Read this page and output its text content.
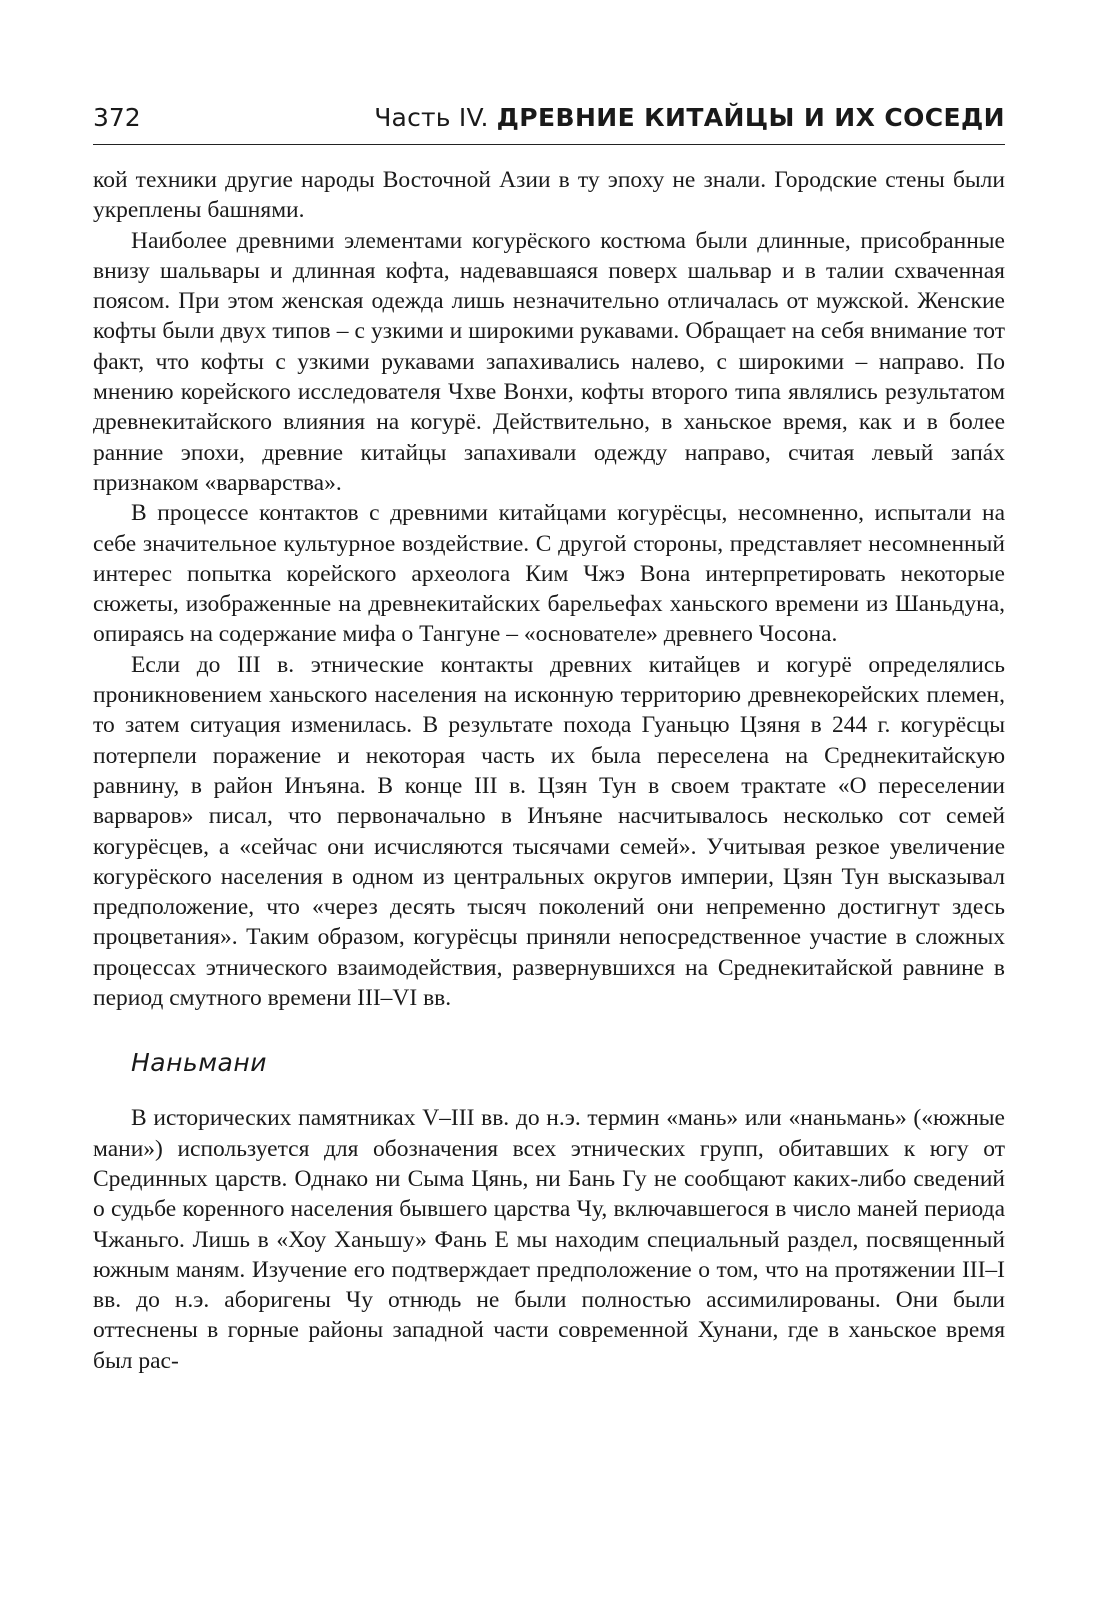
372	Часть IV. ДРЕВНИЕ КИТАЙЦЫ И ИХ СОСЕДИ

кой техники другие народы Восточной Азии в ту эпоху не знали. Городские стены были укреплены башнями.

Наиболее древними элементами когурёского костюма были длинные, присобранные внизу шальвары и длинная кофта, надевавшаяся поверх шальвар и в талии схваченная поясом. При этом женская одежда лишь незначительно отличалась от мужской. Женские кофты были двух типов – с узкими и широкими рукавами. Обращает на себя внимание тот факт, что кофты с узкими рукавами запахивались налево, с широкими – направо. По мнению корейского исследователя Чхве Вонхи, кофты второго типа являлись результатом древнекитайского влияния на когурё. Действительно, в ханьское время, как и в более ранние эпохи, древние китайцы запахивали одежду направо, считая левый запáх признаком «варварства».

В процессе контактов с древними китайцами когурёсцы, несомненно, испытали на себе значительное культурное воздействие. С другой стороны, представляет несомненный интерес попытка корейского археолога Ким Чжэ Вона интерпретировать некоторые сюжеты, изображенные на древнекитайских барельефах ханьского времени из Шаньдуна, опираясь на содержание мифа о Тангуне – «основателе» древнего Чосона.

Если до III в. этнические контакты древних китайцев и когурё определялись проникновением ханьского населения на исконную территорию древнекорейских племен, то затем ситуация изменилась. В результате похода Гуаньцю Цзяня в 244 г. когурёсцы потерпели поражение и некоторая часть их была переселена на Среднекитайскую равнину, в район Инъяна. В конце III в. Цзян Тун в своем трактате «О переселении варваров» писал, что первоначально в Инъяне насчитывалось несколько сот семей когурёсцев, а «сейчас они исчисляются тысячами семей». Учитывая резкое увеличение когурёского населения в одном из центральных округов империи, Цзян Тун высказывал предположение, что «через десять тысяч поколений они непременно достигнут здесь процветания». Таким образом, когурёсцы приняли непосредственное участие в сложных процессах этнического взаимодействия, развернувшихся на Среднекитайской равнине в период смутного времени III–VI вв.

Наньмани

В исторических памятниках V–III вв. до н.э. термин «мань» или «наньмань» («южные мани») используется для обозначения всех этнических групп, обитавших к югу от Срединных царств. Однако ни Сыма Цянь, ни Бань Гу не сообщают каких-либо сведений о судьбе коренного населения бывшего царства Чу, включавшегося в число маней периода Чжаньго. Лишь в «Хоу Ханьшу» Фань Е мы находим специальный раздел, посвященный южным маням. Изучение его подтверждает предположение о том, что на протяжении III–I вв. до н.э. аборигены Чу отнюдь не были полностью ассимилированы. Они были оттеснены в горные районы западной части современной Хунани, где в ханьское время был рас-
